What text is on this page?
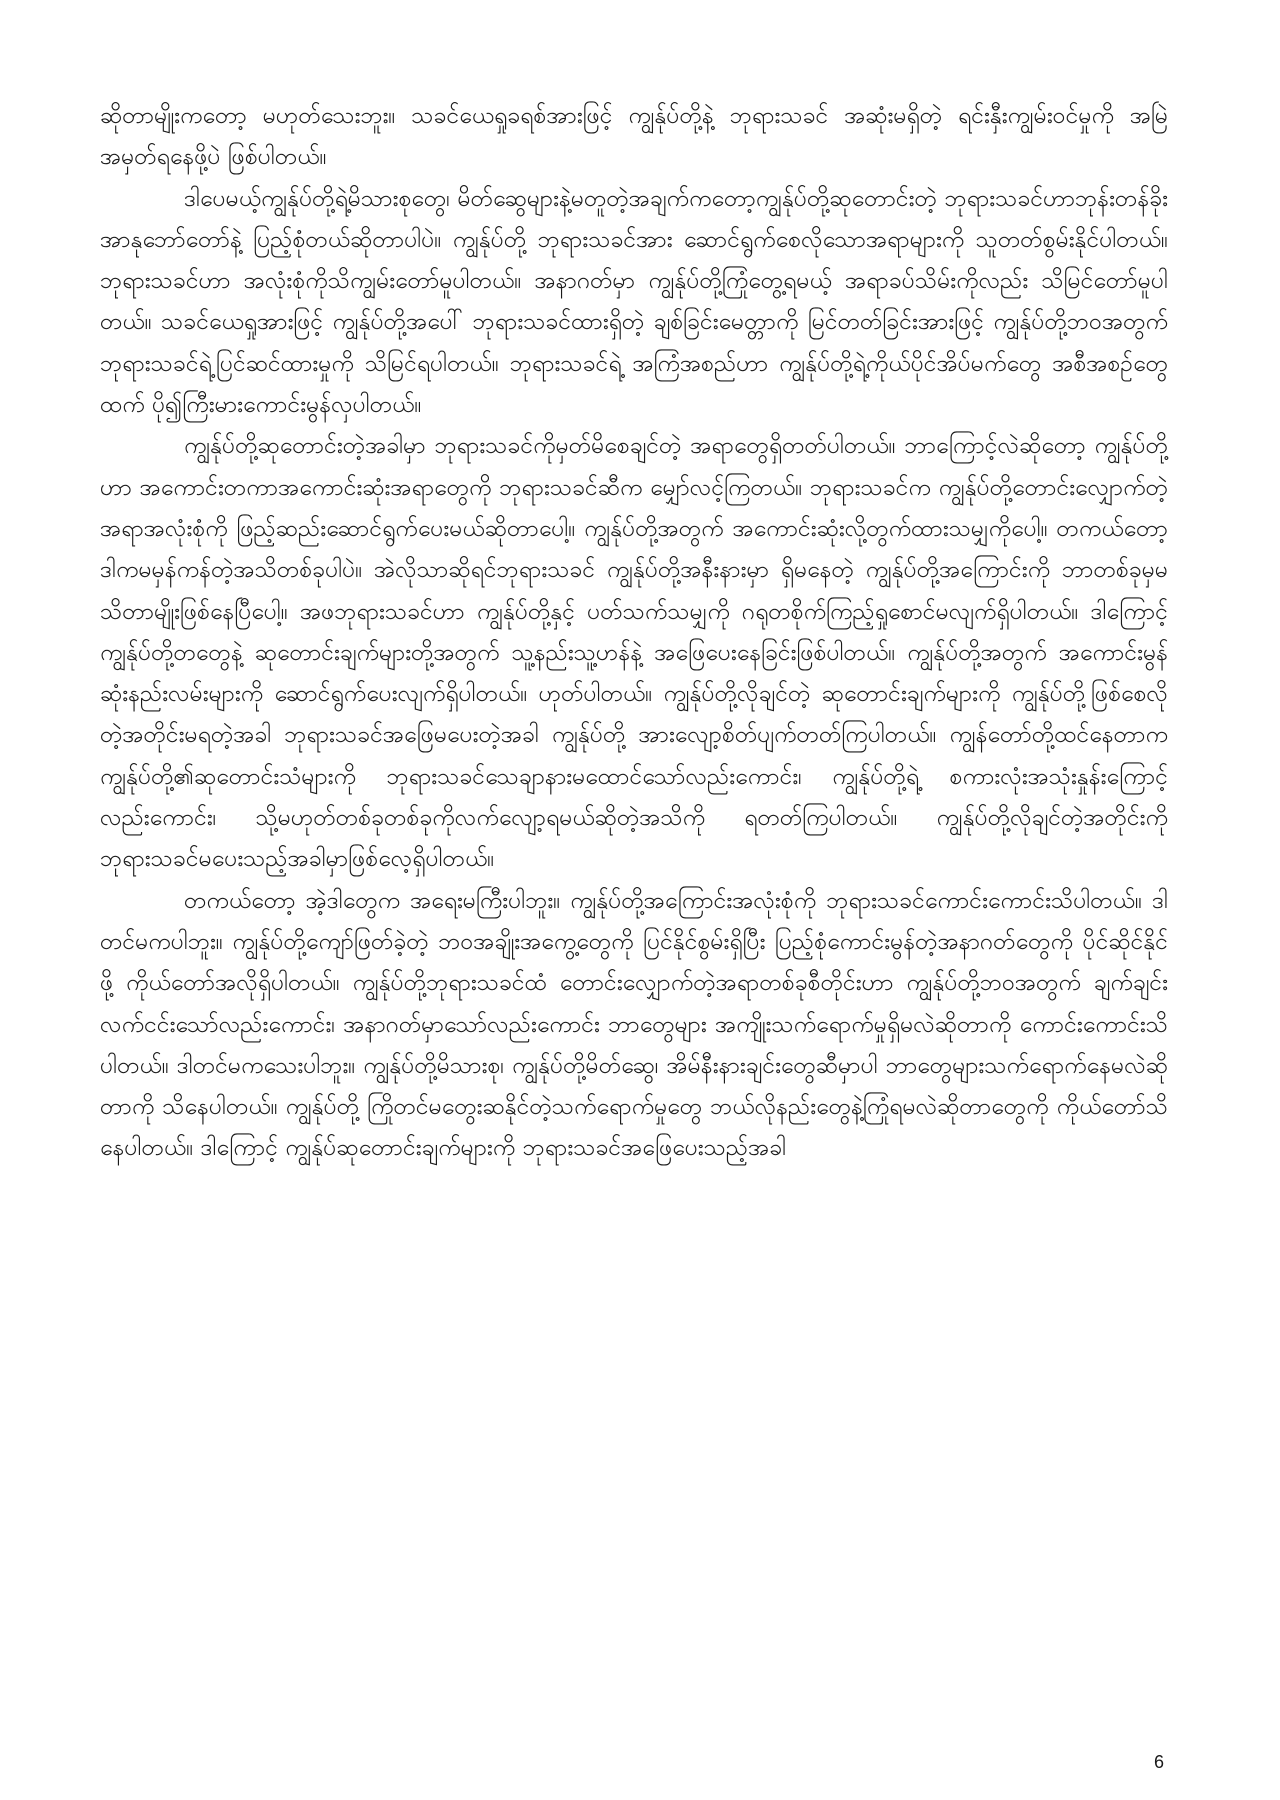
ဆိုတာမျိုးကတော့ မဟုတ်သေးဘူး။ သခင်ယေရှုခရစ်အားဖြင့် ကျွန်ုပ်တို့နဲ့ ဘုရားသခင် အဆုံးမရှိတဲ့ ရင်းနှီးကျွမ်းဝင်မှုကို အမြဲအမှတ်ရနေဖို့ပဲ ဖြစ်ပါတယ်။

ဒါပေမယ့်ကျွန်ုပ်တို့ရဲ့မိသားစုတွေ၊ မိတ်ဆွေများနဲ့မတူတဲ့အချက်ကတော့ကျွန်ုပ်တို့ဆုတောင်းတဲ့ ဘုရားသခင်ဟာဘုန်းတန်ခိုးအာနုဘော်တော်နဲ့ ပြည့်စုံတယ်ဆိုတာပါပဲ။ ကျွန်ုပ်တို့ ဘုရားသခင်အား ဆောင်ရွက်စေလိုသောအရာများကို သူတတ်စွမ်းနိုင်ပါတယ်။ ဘုရားသခင်ဟာ အလုံးစုံကိုသိကျွမ်းတော်မူပါတယ်။ အနာဂတ်မှာ ကျွန်ုပ်တို့ကြုံတွေ့ရမယ့် အရာခပ်သိမ်းကိုလည်း သိမြင်တော်မူပါတယ်။ သခင်ယေရှုအားဖြင့် ကျွန်ုပ်တို့အပေါ် ဘုရားသခင်ထားရှိတဲ့ ချစ်ခြင်းမေတ္တာကို မြင်တတ်ခြင်းအားဖြင့် ကျွန်ုပ်တို့ဘဝအတွက် ဘုရားသခင်ရဲ့ပြင်ဆင်ထားမှုကို သိမြင်ရပါတယ်။ ဘုရားသခင်ရဲ့ အကြံအစည်ဟာ ကျွန်ုပ်တို့ရဲ့ကိုယ်ပိုင်အိပ်မက်တွေ အစီအစဉ်တွေထက် ပို၍ကြီးမားကောင်းမွန်လှပါတယ်။

ကျွန်ုပ်တို့ဆုတောင်းတဲ့အခါမှာ ဘုရားသခင်ကိုမှတ်မိစေချင်တဲ့ အရာတွေရှိတတ်ပါတယ်။ ဘာကြောင့်လဲဆိုတော့ ကျွန်ုပ်တို့ဟာ အကောင်းတကာအကောင်းဆုံးအရာတွေကို ဘုရားသခင်ဆီက မျှော်လင့်ကြတယ်။ ဘုရားသခင်က ကျွန်ုပ်တို့တောင်းလျှောက်တဲ့အရာအလုံးစုံကို ဖြည့်ဆည်းဆောင်ရွက်ပေးမယ်ဆိုတာပေါ့။ ကျွန်ုပ်တို့အတွက် အကောင်းဆုံးလို့တွက်ထားသမျှကိုပေါ့။ တကယ်တော့ ဒါကမမှန်ကန်တဲ့အသိတစ်ခုပါပဲ။ အဲလိုသာဆိုရင်ဘုရားသခင် ကျွန်ုပ်တို့အနီးနားမှာ ရှိမနေတဲ့ ကျွန်ုပ်တို့အကြောင်းကို ဘာတစ်ခုမှမသိတာမျိုးဖြစ်နေပြီပေါ့။ အဖဘုရားသခင်ဟာ ကျွန်ုပ်တို့နှင့် ပတ်သက်သမျှကို ဂရုတစိုက်ကြည့်ရှုစောင်မလျက်ရှိပါတယ်။ ဒါကြောင့် ကျွန်ုပ်တို့တတွေနဲ့ ဆုတောင်းချက်များတို့အတွက် သူ့နည်းသူ့ဟန်နဲ့ အဖြေပေးနေခြင်းဖြစ်ပါတယ်။ ကျွန်ုပ်တို့အတွက် အကောင်းမွန်ဆုံးနည်းလမ်းများကို ဆောင်ရွက်ပေးလျက်ရှိပါတယ်။ ဟုတ်ပါတယ်။ ကျွန်ုပ်တို့လိုချင်တဲ့ ဆုတောင်းချက်များကို ကျွန်ုပ်တို့ဖြစ်စေလိုတဲ့အတိုင်းမရတဲ့အခါ ဘုရားသခင်အဖြေမပေးတဲ့အခါ ကျွန်ုပ်တို့ အားလျော့စိတ်ပျက်တတ်ကြပါတယ်။ ကျွန်တော်တို့ထင်နေတာက ကျွန်ုပ်တို့၏ဆုတောင်းသံများကို ဘုရားသခင်သေချာနားမထောင်သော်လည်းကောင်း၊ ကျွန်ုပ်တို့ရဲ့ စကားလုံးအသုံးနှုန်းကြောင့်လည်းကောင်း၊ သို့မဟုတ်တစ်ခုတစ်ခုကိုလက်လျော့ရမယ်ဆိုတဲ့အသိကို ရတတ်ကြပါတယ်။ ကျွန်ုပ်တို့လိုချင်တဲ့အတိုင်းကို ဘုရားသခင်မပေးသည့်အခါမှာဖြစ်လေ့ရှိပါတယ်။

တကယ်တော့ အဲ့ဒါတွေက အရေးမကြီးပါဘူး။ ကျွန်ုပ်တို့အကြောင်းအလုံးစုံကို ဘုရားသခင်ကောင်းကောင်းသိပါတယ်။ ဒါတင်မကပါဘူး။ ကျွန်ုပ်တို့ကျော်ဖြတ်ခဲ့တဲ့ ဘဝအချိုးအကွေ့တွေကို ပြင်နိုင်စွမ်းရှိပြီး ပြည့်စုံကောင်းမွန်တဲ့အနာဂတ်တွေကို ပိုင်ဆိုင်နိုင်ဖို့ ကိုယ်တော်အလိုရှိပါတယ်။ ကျွန်ုပ်တို့ဘုရားသခင်ထံ တောင်းလျှောက်တဲ့အရာတစ်ခုစီတိုင်းဟာ ကျွန်ုပ်တို့ဘဝအတွက် ချက်ချင်းလက်ငင်းသော်လည်းကောင်း၊ အနာဂတ်မှာသော်လည်းကောင်း ဘာတွေများ အကျိုးသက်ရောက်မှုရှိမလဲဆိုတာကို ကောင်းကောင်းသိပါတယ်။ ဒါတင်မကသေးပါဘူး။ ကျွန်ုပ်တို့မိသားစု၊ ကျွန်ုပ်တို့မိတ်ဆွေ၊ အိမ်နီးနားချင်းတွေဆီမှာပါ ဘာတွေများသက်ရောက်နေမလဲဆိုတာကို သိနေပါတယ်။ ကျွန်ုပ်တို့ ကြိုတင်မတွေးဆနိုင်တဲ့သက်ရောက်မှုတွေ ဘယ်လိုနည်းတွေနဲ့ကြုံရမလဲဆိုတာတွေကို ကိုယ်တော်သိနေပါတယ်။ ဒါကြောင့် ကျွန်ုပ်ဆုတောင်းချက်များကို ဘုရားသခင်အဖြေပေးသည့်အခါ

6
